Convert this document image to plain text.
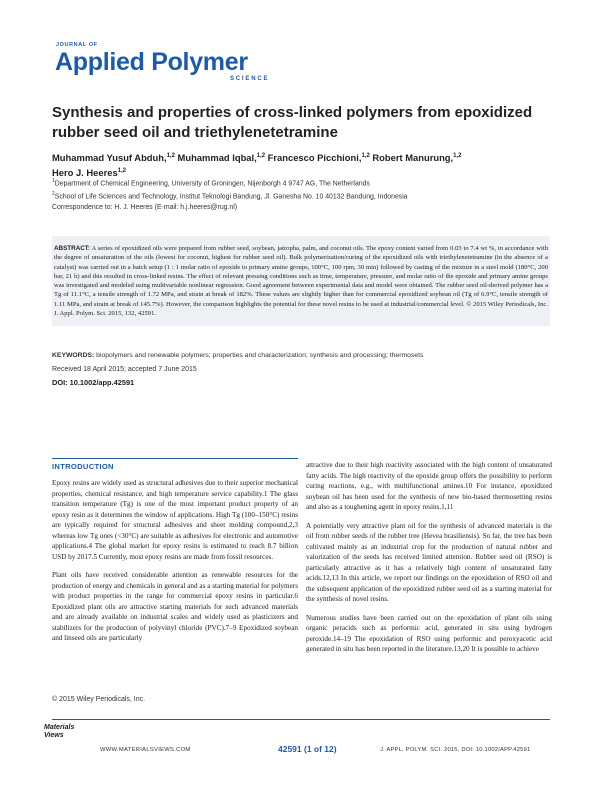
JOURNAL OF
Applied Polymer
SCIENCE
Synthesis and properties of cross-linked polymers from epoxidized rubber seed oil and triethylenetetramine
Muhammad Yusuf Abduh,$^{1,2}$ Muhammad Iqbal,$^{1,2}$ Francesco Picchioni,$^{1,2}$ Robert Manurung,$^{1,2}$
Hero J. Heeres$^{1,2}$
$^1$Department of Chemical Engineering, University of Groningen, Nijenborgh 4 9747 AG, The Netherlands
$^2$School of Life Sciences and Technology, Institut Teknologi Bandung, Jl. Ganesha No. 10 40132 Bandung, Indonesia
Correspondence to: H. J. Heeres (E-mail: h.j.heeres@rug.nl)

ABSTRACT: A series of epoxidized oils were prepared from rubber seed, soybean, jatropha, palm, and coconut oils. The epoxy content varied from 0.03 to 7.4 wt %, in accordance with the degree of unsaturation of the oils (lowest for coconut, highest for rubber seed oil). Bulk polymerization/curing of the epoxidized oils with triethylenetetramine (in the absence of a catalyst) was carried out in a batch setup (1 : 1 molar ratio of epoxide to primary amine groups, 100°C, 100 rpm, 30 min) followed by casting of the mixture in a steel mold (180°C, 200 bar, 21 h) and this resulted in cross-linked resins. The effect of relevant pressing conditions such as time, temperature, pressure, and molar ratio of the epoxide and primary amine groups was investigated and modeled using multivariable nonlinear regression. Good agreement between experimental data and model were obtained. The rubber seed oil-derived polymer has a Tg of 11.1°C, a tensile strength of 1.72 MPa, and strain at break of 182%. These values are slightly higher than for commercial epoxidized soybean oil (Tg of 6.9°C, tensile strength of 1.11 MPa, and strain at break of 145.7%). However, the comparison highlights the potential for these novel resins to be used at industrial/commercial level. © 2015 Wiley Periodicals, Inc. J. Appl. Polym. Sci. 2015, 132, 42591.

KEYWORDS: biopolymers and renewable polymers; properties and characterization; synthesis and processing; thermosets
Received 18 April 2015; accepted 7 June 2015
DOI: 10.1002/app.42591
INTRODUCTION

Epoxy resins are widely used as structural adhesives due to their superior mechanical properties, chemical resistance, and high temperature service capability.1 The glass transition temperature (Tg) is one of the most important product property of an epoxy resin as it determines the window of applications. High Tg (100–150°C) resins are typically required for structural adhesives and sheet molding compound,2,3 whereas low Tg ones (<30°C) are suitable as adhesives for electronic and automotive applications.4 The global market for epoxy resins is estimated to reach 8.7 billion USD by 2017.5 Currently, most epoxy resins are made from fossil resources.

Plant oils have received considerable attention as renewable resources for the production of energy and chemicals in general and as a starting material for polymers with product properties in the range for commercial epoxy resins in particular.6 Epoxidized plant oils are attractive starting materials for such advanced materials and are already available on industrial scales and widely used as plasticizers and stabilizers for the production of polyvinyl chloride (PVC).7–9 Epoxidized soybean and linseed oils are particularly

attractive due to their high reactivity associated with the high content of unsaturated fatty acids. The high reactivity of the epoxide group offers the possibility to perform curing reactions, e.g., with multifunctional amines.10 For instance, epoxidized soybean oil has been used for the synthesis of new bio-based thermosetting resins and also as a toughening agent in epoxy resins.1,11

A potentially very attractive plant oil for the synthesis of advanced materials is the oil from rubber seeds of the rubber tree (Hevea brasiliensis). So far, the tree has been cultivated mainly as an industrial crop for the production of natural rubber and valorization of the seeds has received limited attention. Rubber seed oil (RSO) is particularly attractive as it has a relatively high content of unsaturated fatty acids.12,13 In this article, we report our findings on the epoxidation of RSO oil and the subsequent application of the epoxidized rubber seed oil as a starting material for the synthesis of novel resins.

Numerous studies have been carried out on the epoxidation of plant oils using organic peracids such as performic acid, generated in situ using hydrogen peroxide.14–19 The epoxidation of RSO using performic and peroxyacetic acid generated in situ has been reported in the literature.13,20 It is possible to achieve

© 2015 Wiley Periodicals, Inc.
Materials Views
WWW.MATERIALSVIEWS.COM	42591 (1 of 12)	J. APPL. POLYM. SCI. 2015, DOI: 10.1002/APP.42591
